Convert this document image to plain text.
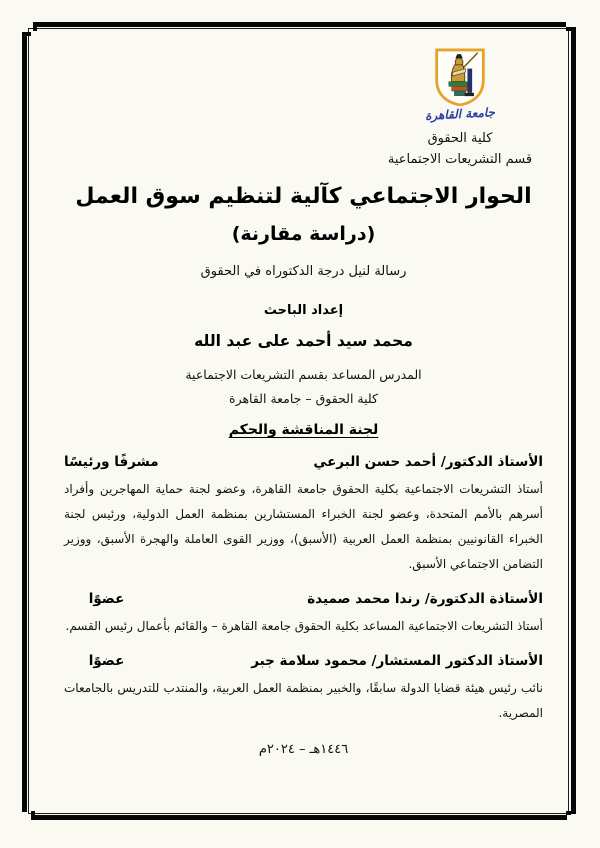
جامعة القاهرة
كلية الحقوق
قسم التشريعات الاجتماعية
الحوار الاجتماعي كآلية لتنظيم سوق العمل
(دراسة مقارنة)

رسالة لنيل درجة الدكتوراه في الحقوق

إعداد الباحث

محمد سيد أحمد على عبد الله

المدرس المساعد بقسم التشريعات الاجتماعية

كلية الحقوق – جامعة القاهرة

لجنة المناقشة والحكم
الأستاذ الدكتور/ أحمد حسن البرعي
مشرفًا ورئيسًا

أستاذ التشريعات الاجتماعية بكلية الحقوق جامعة القاهرة، وعضو لجنة حماية المهاجرين وأفراد أسرهم بالأمم المتحدة، وعضو لجنة الخبراء المستشارين بمنظمة العمل الدولية، ورئيس لجنة الخبراء القانونيين بمنظمة العمل العربية (الأسبق)، ووزير القوى العاملة والهجرة الأسبق، ووزير التضامن الاجتماعي الأسبق.

الأستاذة الدكتورة/ رندا محمد صميدة
عضوًا

أستاذ التشريعات الاجتماعية المساعد بكلية الحقوق جامعة القاهرة – والقائم بأعمال رئيس القسم.

الأستاذ الدكتور المستشار/ محمود سلامة جبر
عضوًا

نائب رئيس هيئة قضايا الدولة سابقًا، والخبير بمنظمة العمل العربية، والمنتدب للتدريس بالجامعات المصرية.

١٤٤٦هـ – ٢٠٢٤م
